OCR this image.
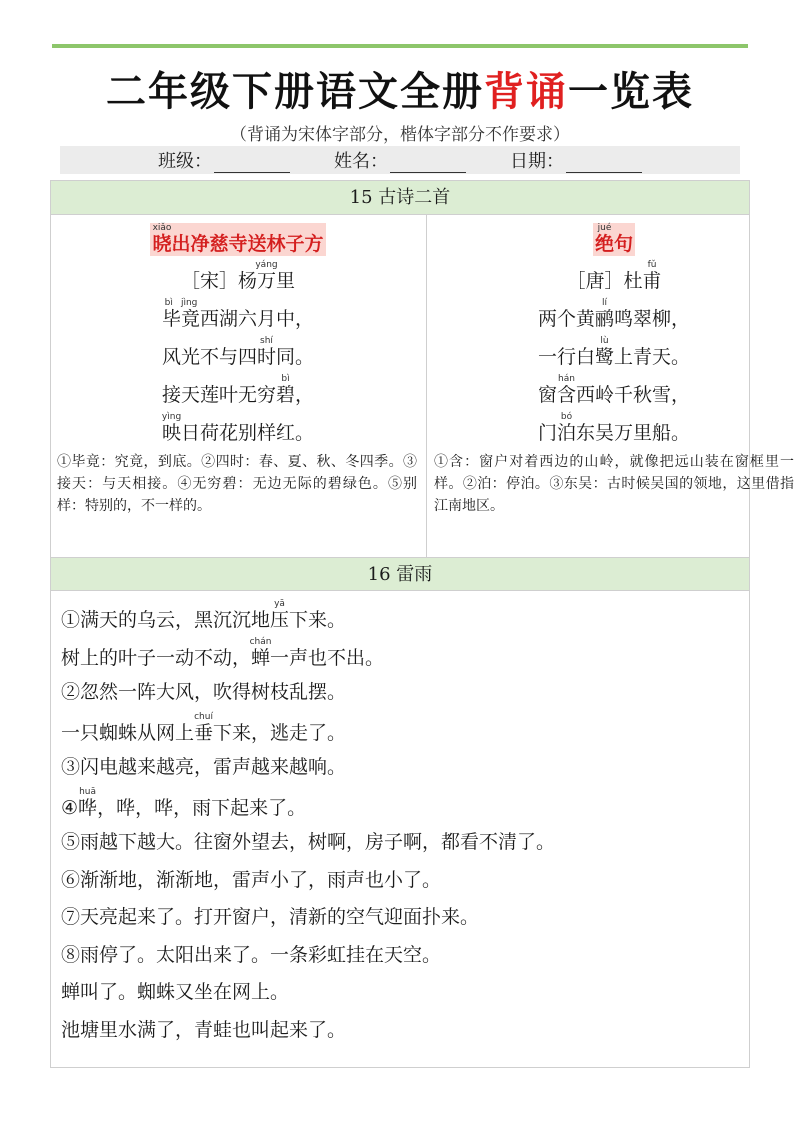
二年级下册语文全册背诵一览表
（背诵为宋体字部分，楷体字部分不作要求）
班级：	姓名：	日期：
15 古诗二首
晓xiǎo出净慈寺送林子方
［宋］杨万yáng里
毕竟bì jìng西湖六月中，
风光不与四时shí同。
接天莲叶无穷碧bì，
映yìng日荷花别样红。
绝jué句
［唐］杜甫fǔ
两个黄鹂lí鸣翠柳，
一行白鹭lù上青天。
窗含hán西岭千秋雪，
门泊bó东吴万里船。
①毕竟：究竟，到底。②四时：春、夏、秋、冬四季。③接天：与天相接。④无穷碧：无边无际的碧绿色。⑤别样：特别的，不一样的。
①含：窗户对着西边的山岭，就像把远山装在窗框里一样。②泊：停泊。③东吴：古时候吴国的领地，这里借指江南地区。
16 雷雨
①满天的乌云，黑沉沉地压yā下来。
树上的叶子一动不动，蝉chán一声也不出。
②忽然一阵大风，吹得树枝乱摆。
一只蜘蛛从网上垂chuí下来，逃走了。
③闪电越来越亮，雷声越来越响。
④哗huā，哗，哗，雨下起来了。
⑤雨越下越大。往窗外望去，树啊，房子啊，都看不清了。
⑥渐渐地，渐渐地，雷声小了，雨声也小了。
⑦天亮起来了。打开窗户，清新的空气迎面扑来。
⑧雨停了。太阳出来了。一条彩虹挂在天空。
蝉叫了。蜘蛛又坐在网上。
池塘里水满了，青蛙也叫起来了。
